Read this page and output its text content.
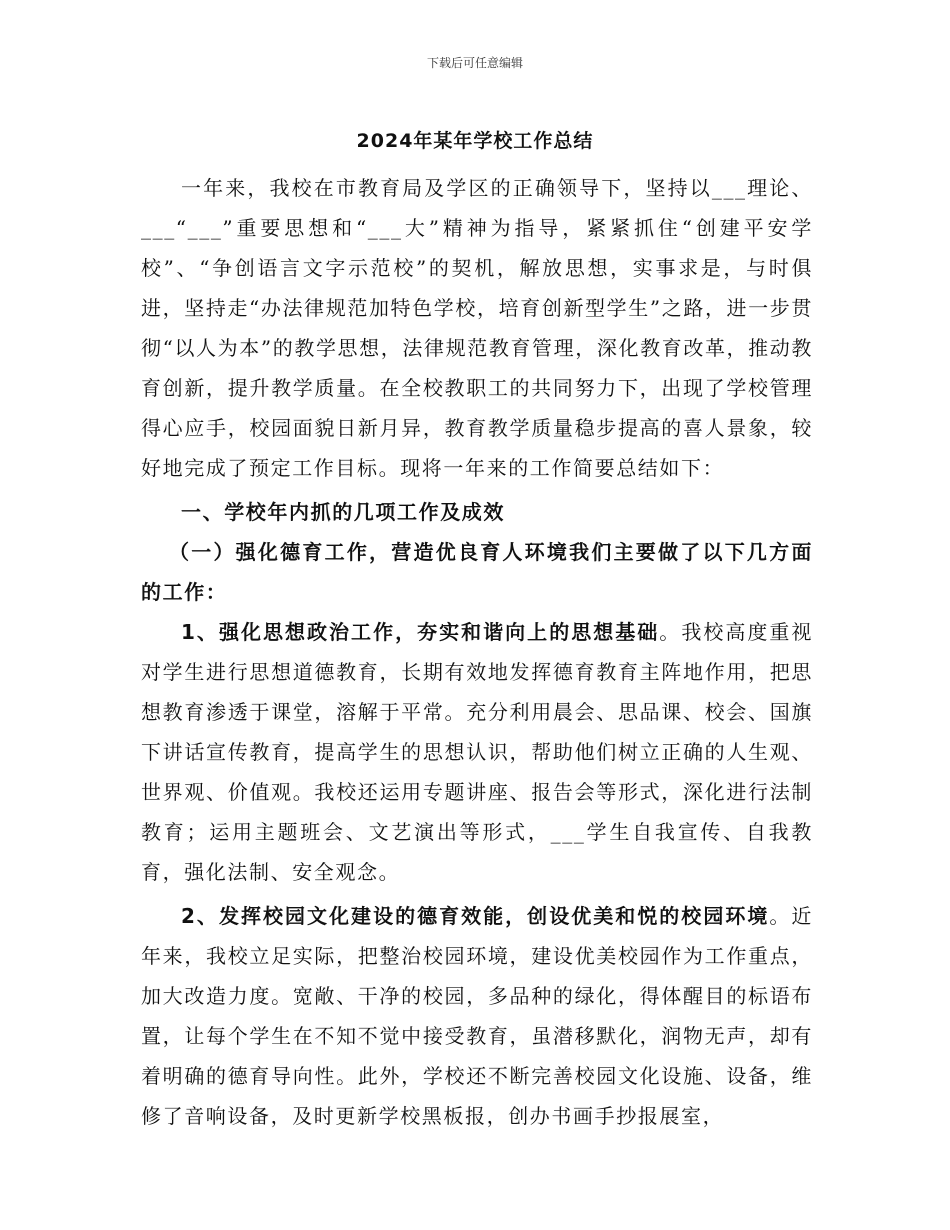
下载后可任意编辑
2024年某年学校工作总结

一年来，我校在市教育局及学区的正确领导下，坚持以___理论、___“___”重要思想和“___大”精神为指导，紧紧抓住“创建平安学校”、“争创语言文字示范校”的契机，解放思想，实事求是，与时俱进，坚持走“办法律规范加特色学校，培育创新型学生”之路，进一步贯彻“以人为本”的教学思想，法律规范教育管理，深化教育改革，推动教育创新，提升教学质量。在全校教职工的共同努力下，出现了学校管理得心应手，校园面貌日新月异，教育教学质量稳步提高的喜人景象，较好地完成了预定工作目标。现将一年来的工作简要总结如下：

一、学校年内抓的几项工作及成效

（一）强化德育工作，营造优良育人环境我们主要做了以下几方面的工作：

1、强化思想政治工作，夯实和谐向上的思想基础。我校高度重视对学生进行思想道德教育，长期有效地发挥德育教育主阵地作用，把思想教育渗透于课堂，溶解于平常。充分利用晨会、思品课、校会、国旗下讲话宣传教育，提高学生的思想认识，帮助他们树立正确的人生观、世界观、价值观。我校还运用专题讲座、报告会等形式，深化进行法制教育；运用主题班会、文艺演出等形式，___学生自我宣传、自我教育，强化法制、安全观念。

2、发挥校园文化建设的德育效能，创设优美和悦的校园环境。近年来，我校立足实际，把整治校园环境，建设优美校园作为工作重点，加大改造力度。宽敞、干净的校园，多品种的绿化，得体醒目的标语布置，让每个学生在不知不觉中接受教育，虽潜移默化，润物无声，却有着明确的德育导向性。此外，学校还不断完善校园文化设施、设备，维修了音响设备，及时更新学校黑板报，创办书画手抄报展室，
